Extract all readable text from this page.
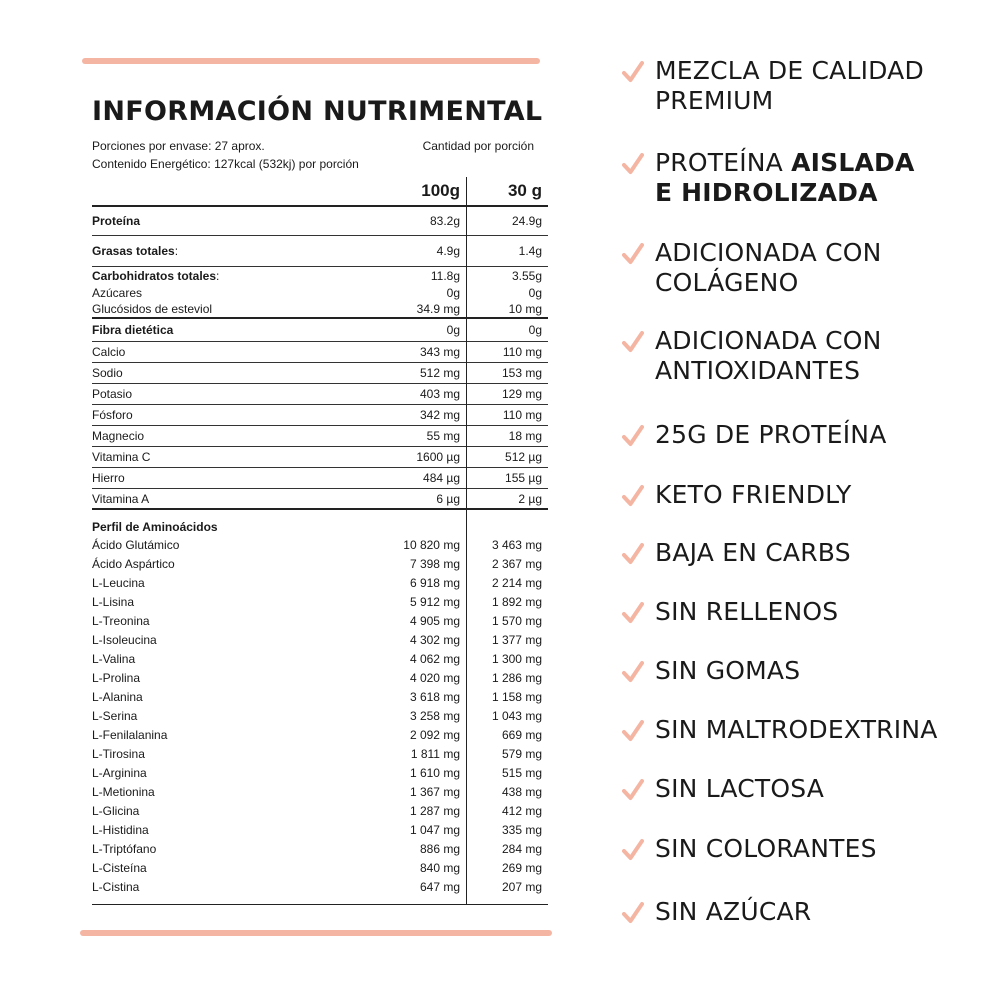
INFORMACIÓN NUTRIMENTAL
Porciones por envase: 27 aprox.	Cantidad por porción
Contenido Energético: 127kcal (532kj) por porción
100g	30 g
Proteína	83.2g	24.9g
Grasas totales :	4.9g	1.4g
Carbohidratos totales :	11.8g	3.55g
Azúcares	0g	0g
Glucósidos de esteviol	34.9 mg	10 mg
Fibra dietética	0g	0g
Calcio	343 mg	110 mg
Sodio	512 mg	153 mg
Potasio	403 mg	129 mg
Fósforo	342 mg	110 mg
Magnecio	55 mg	18 mg
Vitamina C	1600 µg	512 µg
Hierro	484 µg	155 µg
Vitamina A	6 µg	2 µg
Perfil de Aminoácidos
Ácido Glutámico	10 820 mg	3 463 mg
Ácido Aspártico	7 398 mg	2 367 mg
L-Leucina	6 918 mg	2 214 mg
L-Lisina	5 912 mg	1 892 mg
L-Treonina	4 905 mg	1 570 mg
L-Isoleucina	4 302 mg	1 377 mg
L-Valina	4 062 mg	1 300 mg
L-Prolina	4 020 mg	1 286 mg
L-Alanina	3 618 mg	1 158 mg
L-Serina	3 258 mg	1 043 mg
L-Fenilalanina	2 092 mg	669 mg
L-Tirosina	1 811 mg	579 mg
L-Arginina	1 610 mg	515 mg
L-Metionina	1 367 mg	438 mg
L-Glicina	1 287 mg	412 mg
L-Histidina	1 047 mg	335 mg
L-Triptófano	886 mg	284 mg
L-Cisteína	840 mg	269 mg
L-Cistina	647 mg	207 mg
MEZCLA DE CALIDAD
PREMIUM
PROTEÍNA AISLADA
E HIDROLIZADA
ADICIONADA CON
COLÁGENO
ADICIONADA CON
ANTIOXIDANTES
25G DE PROTEÍNA
KETO FRIENDLY
BAJA EN CARBS
SIN RELLENOS
SIN GOMAS
SIN MALTRODEXTRINA
SIN LACTOSA
SIN COLORANTES
SIN AZÚCAR
